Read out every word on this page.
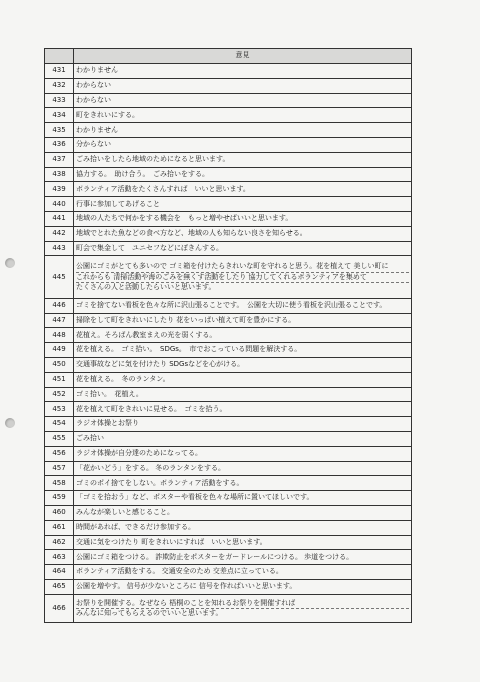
	意見
431	わかりません

432	わからない

433	わからない

434	町をきれいにする。

435	わかりません

436	分からない

437	ごみ拾いをしたら地域のためになると思います。

438	協力する。　助け合う。　ごみ拾いをする。

439	ボランティア活動をたくさんすれば　いいと思います。

440	行事に参加してあげること

441	地域の人たちで何かをする機会を　もっと増やせばいいと思います。

442	地域でとれた魚などの食べ方など、地域の人も知らない良さを知らせる。

443	町会で集金して　ユニセフなどにぼきんする。

445	公園にゴミがとても多いので ゴミ箱を付けたらきれいな町を守れると思う。花を植えて 美しい町に
これからも 清掃活動や海のごみを無くす活動をしたり 協力してくれるボランティアを集めて
たくさんの人と活動したらいいと思います。

446	ゴミを捨てない看板を色々な所に沢山張ることです。　公園を大切に使う看板を沢山張ることです。

447	掃除をして町をきれいにしたり 花をいっぱい植えて町を豊かにする。

448	花植え。そろばん教室まえの光を弱くする。

449	花を植える。　ゴミ拾い。　SDGs。　市でおこっている問題を解決する。

450	交通事故などに気を付けたり SDGsなどを心がける。

451	花を植える。　冬のランタン。

452	ゴミ拾い。　花植え。

453	花を植えて町をきれいに見せる。　ゴミを拾う。

454	ラジオ体操とお祭り

455	ごみ拾い

456	ラジオ体操が自分達のためになってる。

457	「花かいどう」をする。 冬のランタンをする。

458	ゴミのポイ捨てをしない。ボランティア活動をする。

459	「ゴミを拾おう」など、ポスターや看板を色々な場所に置いてほしいです。

460	みんなが楽しいと感じること。

461	時間があれば、できるだけ参加する。

462	交通に気をつけたり 町をきれいにすれば　いいと思います。

463	公園にゴミ箱をつける。 詐欺防止をポスターをガードレールにつける。 歩道をつける。

464	ボランティア活動をする。 交通安全のため 交差点に立っている。

465	公園を増やす。 信号が少ないところに 信号を作ればいいと思います。

466	お祭りを開催する。なぜなら 梧桐のことを知れるお祭りを開催すれば
みんなに知ってもらえるのでいいと思います。
